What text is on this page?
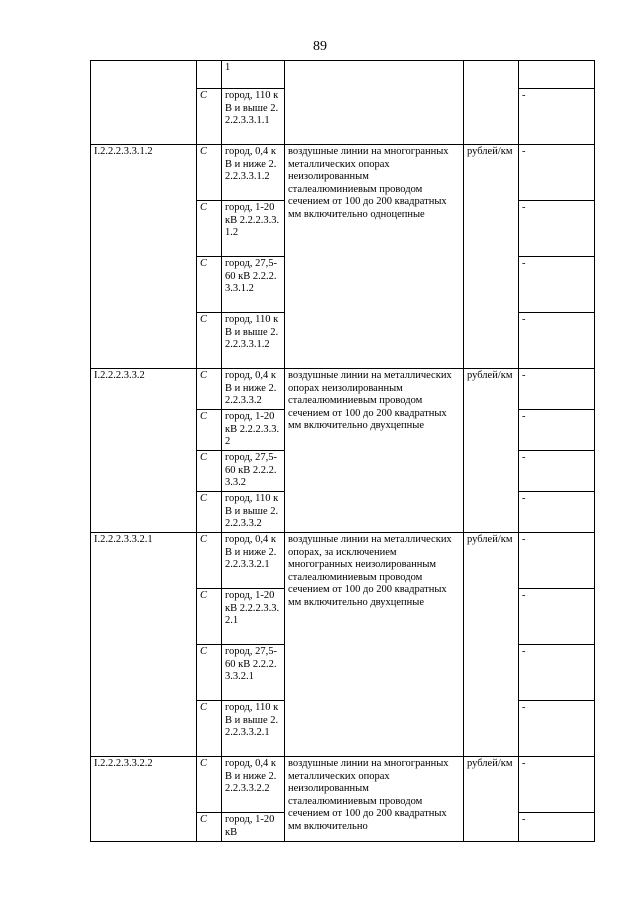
89
		1			
	С	город, 110 кВ и выше 2.2.2.3.3.1.1			-
I.2.2.2.3.3.1.2	С	город, 0,4 кВ и ниже 2.2.2.3.3.1.2	воздушные линии на многогранных металлических опорах неизолированным сталеалюминиевым проводом сечением от 100 до 200 квадратных мм включительно одноцепные	рублей/км	-
	С	город, 1-20 кВ 2.2.2.3.3.1.2			-
	С	город, 27,5-60 кВ 2.2.2.3.3.1.2			-
	С	город, 110 кВ и выше 2.2.2.3.3.1.2			-
I.2.2.2.3.3.2	С	город, 0,4 кВ и ниже 2.2.2.3.3.2	воздушные линии на металлических опорах неизолированным сталеалюминиевым проводом сечением от 100 до 200 квадратных мм включительно двухцепные	рублей/км	-
	С	город, 1-20 кВ 2.2.2.3.3.2			-
	С	город, 27,5-60 кВ 2.2.2.3.3.2			-
	С	город, 110 кВ и выше 2.2.2.3.3.2			-
I.2.2.2.3.3.2.1	С	город, 0,4 кВ и ниже 2.2.2.3.3.2.1	воздушные линии на металлических опорах, за исключением многогранных неизолированным сталеалюминиевым проводом сечением от 100 до 200 квадратных мм включительно двухцепные	рублей/км	-
	С	город, 1-20 кВ 2.2.2.3.3.2.1			-
	С	город, 27,5-60 кВ 2.2.2.3.3.2.1			-
	С	город, 110 кВ и выше 2.2.2.3.3.2.1			-
I.2.2.2.3.3.2.2	С	город, 0,4 кВ и ниже 2.2.2.3.3.2.2	воздушные линии на многогранных металлических опорах неизолированным сталеалюминиевым проводом сечением от 100 до 200 квадратных мм включительно	рублей/км	-
	С	город, 1-20 кВ			-
